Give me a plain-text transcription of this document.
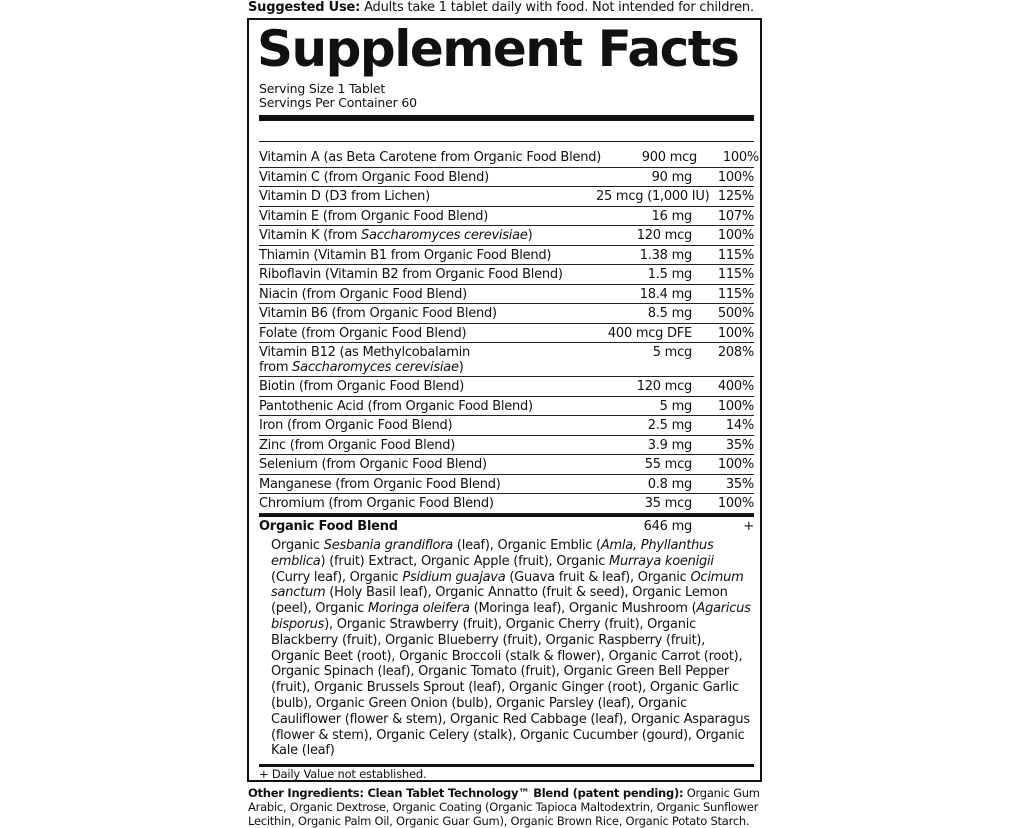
Suggested Use: Adults take 1 tablet daily with food. Not intended for children.
Supplement Facts
Serving Size 1 Tablet
Servings Per Container 60
Vitamin A (as Beta Carotene from Organic Food Blend)	900 mcg	100%
Vitamin C (from Organic Food Blend)	90 mg	100%
Vitamin D (D3 from Lichen)	25 mcg (1,000 IU) 125%
Vitamin E (from Organic Food Blend)	16 mg	107%
Vitamin K (from Saccharomyces cerevisiae)	120 mcg	100%
Thiamin (Vitamin B1 from Organic Food Blend)	1.38 mg	115%
Riboflavin (Vitamin B2 from Organic Food Blend)	1.5 mg	115%
Niacin (from Organic Food Blend)	18.4 mg	115%
Vitamin B6 (from Organic Food Blend)	8.5 mg	500%
Folate (from Organic Food Blend)	400 mcg DFE	100%
Vitamin B12 (as Methylcobalamin
from Saccharomyces cerevisiae)
5 mcg	208%
Biotin (from Organic Food Blend)	120 mcg	400%
Pantothenic Acid (from Organic Food Blend)	5 mg	100%
Iron (from Organic Food Blend)	2.5 mg	14%
Zinc (from Organic Food Blend)	3.9 mg	35%
Selenium (from Organic Food Blend)	55 mcg	100%
Manganese (from Organic Food Blend)	0.8 mg	35%
Chromium (from Organic Food Blend)	35 mcg	100%
Organic Food Blend	646 mg	+
Organic Sesbania grandiflora (leaf), Organic Emblic (Amla, Phyllanthus emblica) (fruit) Extract, Organic Apple (fruit), Organic Murraya koenigii (Curry leaf), Organic Psidium guajava (Guava fruit & leaf), Organic Ocimum sanctum (Holy Basil leaf), Organic Annatto (fruit & seed), Organic Lemon (peel), Organic Moringa oleifera (Moringa leaf), Organic Mushroom (Agaricus bisporus), Organic Strawberry (fruit), Organic Cherry (fruit), Organic Blackberry (fruit), Organic Blueberry (fruit), Organic Raspberry (fruit), Organic Beet (root), Organic Broccoli (stalk & flower), Organic Carrot (root), Organic Spinach (leaf), Organic Tomato (fruit), Organic Green Bell Pepper (fruit), Organic Brussels Sprout (leaf), Organic Ginger (root), Organic Garlic (bulb), Organic Green Onion (bulb), Organic Parsley (leaf), Organic Cauliflower (flower & stem), Organic Red Cabbage (leaf), Organic Asparagus (flower & stem), Organic Celery (stalk), Organic Cucumber (gourd), Organic Kale (leaf)
+ Daily Value not established.
Other Ingredients: Clean Tablet Technology™ Blend (patent pending): Organic Gum Arabic, Organic Dextrose, Organic Coating (Organic Tapioca Maltodextrin, Organic Sunflower Lecithin, Organic Palm Oil, Organic Guar Gum), Organic Brown Rice, Organic Potato Starch.
